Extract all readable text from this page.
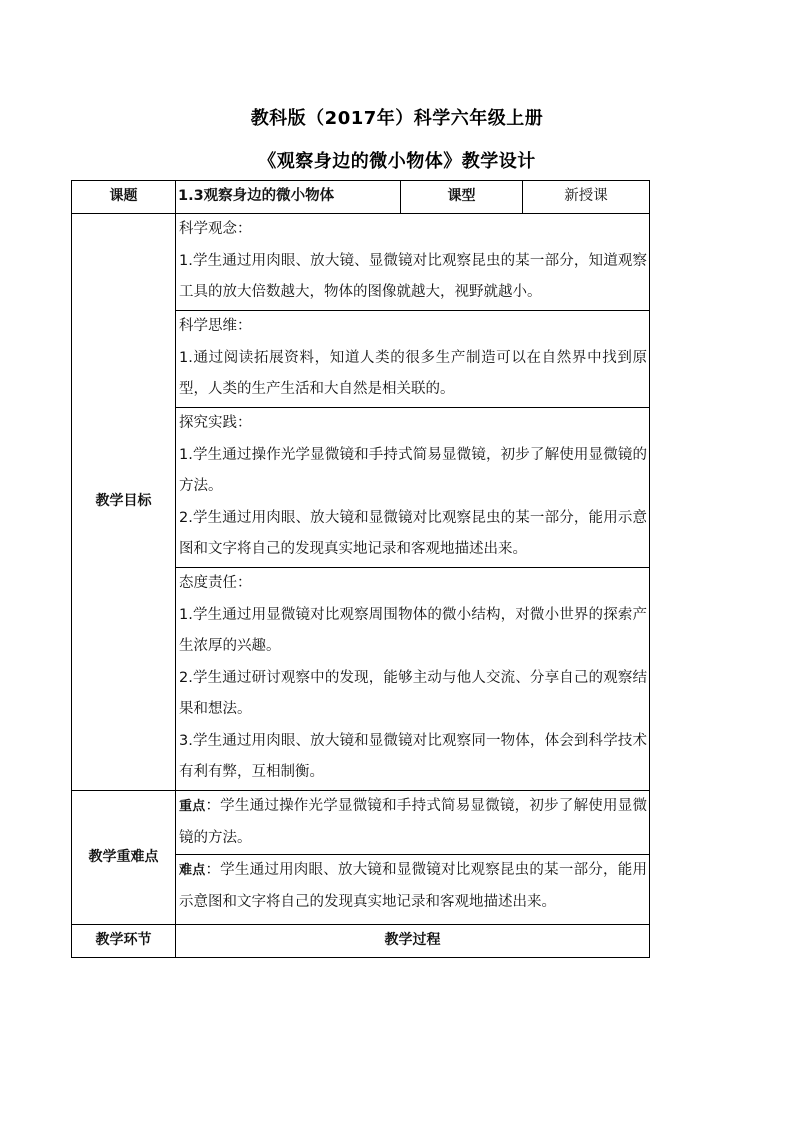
教科版（2017年）科学六年级上册
《观察身边的微小物体》教学设计
课题	1.3观察身边的微小物体	课型	新授课
教学目标	科学观念：

1.学生通过用肉眼、放大镜、显微镜对比观察昆虫的某一部分，知道观察工具的放大倍数越大，物体的图像就越大，视野就越小。		

	科学思维：

1.通过阅读拓展资料，知道人类的很多生产制造可以在自然界中找到原型，人类的生产生活和大自然是相关联的。		

	探究实践：

1.学生通过操作光学显微镜和手持式简易显微镜，初步了解使用显微镜的方法。

2.学生通过用肉眼、放大镜和显微镜对比观察昆虫的某一部分，能用示意图和文字将自己的发现真实地记录和客观地描述出来。		

	态度责任：

1.学生通过用显微镜对比观察周围物体的微小结构，对微小世界的探索产生浓厚的兴趣。

2.学生通过研讨观察中的发现，能够主动与他人交流、分享自己的观察结果和想法。

3.学生通过用肉眼、放大镜和显微镜对比观察同一物体，体会到科学技术有利有弊，互相制衡。		

教学重难点	重点：学生通过操作光学显微镜和手持式简易显微镜，初步了解使用显微镜的方法。		

	难点：学生通过用肉眼、放大镜和显微镜对比观察昆虫的某一部分，能用示意图和文字将自己的发现真实地记录和客观地描述出来。		

教学环节	教学过程		
